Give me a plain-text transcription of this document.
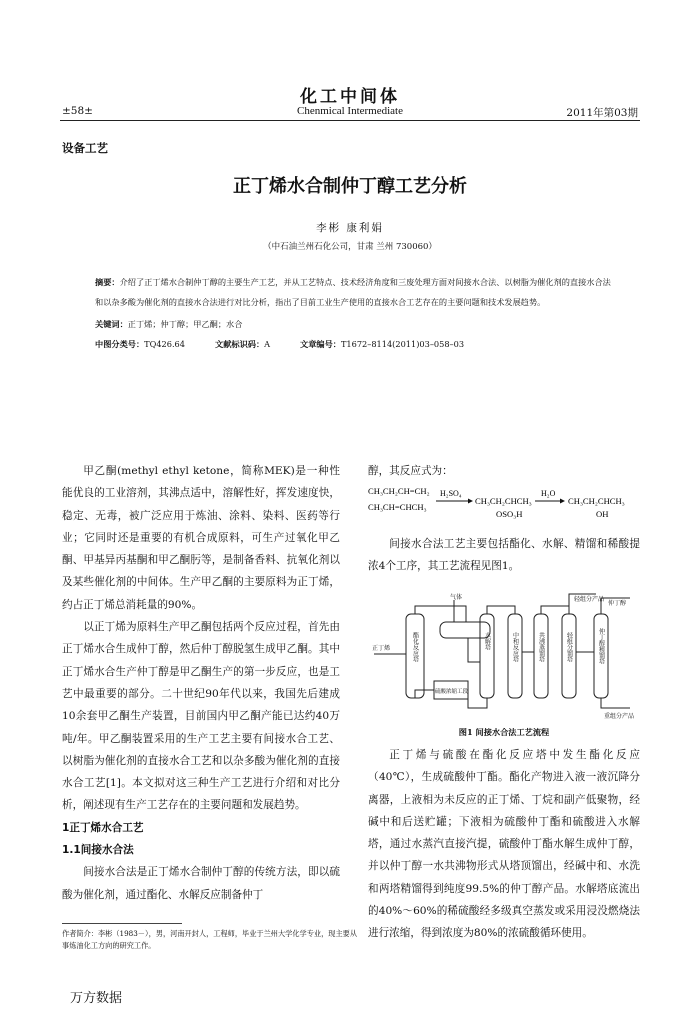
化工中间体
±58±	Chenmical Intermediate	2011年第03期
设备工艺
正丁烯水合制仲丁醇工艺分析
李彬 康利娟
（中石油兰州石化公司，甘肃 兰州 730060）
摘要：介绍了正丁烯水合制仲丁醇的主要生产工艺，并从工艺特点、技术经济角度和三废处理方面对间接水合法、以树脂为催化剂的直接水合法和以杂多酸为催化剂的直接水合法进行对比分析，指出了目前工业生产使用的直接水合工艺存在的主要问题和技术发展趋势。
关键词：正丁烯；仲丁醇；甲乙酮；水合
中图分类号：TQ426.64	文献标识码：A	文章编号：T1672–8114(2011)03–058–03

甲乙酮(methyl ethyl ketone，简称MEK)是一种性能优良的工业溶剂，其沸点适中，溶解性好，挥发速度快，稳定、无毒，被广泛应用于炼油、涂料、染料、医药等行业；它同时还是重要的有机合成原料，可生产过氧化甲乙酮、甲基异丙基酮和甲乙酮肟等，是制备香料、抗氧化剂以及某些催化剂的中间体。生产甲乙酮的主要原料为正丁烯，约占正丁烯总消耗量的90%。

以正丁烯为原料生产甲乙酮包括两个反应过程，首先由正丁烯水合生成仲丁醇，然后仲丁醇脱氢生成甲乙酮。其中正丁烯水合生产仲丁醇是甲乙酮生产的第一步反应，也是工艺中最重要的部分。二十世纪90年代以来，我国先后建成10余套甲乙酮生产装置，目前国内甲乙酮产能已达约40万吨/年。甲乙酮装置采用的生产工艺主要有间接水合工艺、以树脂为催化剂的直接水合工艺和以杂多酸为催化剂的直接水合工艺[1]。本文拟对这三种生产工艺进行介绍和对比分析，阐述现有生产工艺存在的主要问题和发展趋势。

1正丁烯水合工艺

1.1间接水合法

间接水合法是正丁烯水合制仲丁醇的传统方法，即以硫酸为催化剂，通过酯化、水解反应制备仲丁

醇，其反应式为：

CH₃CH₂CH=CH₂
CH₃CH=CHCH₃
H₂SO₄
CH₃CH₂CHCH₃
OSO₃H
H₂O
CH₃CH₂CHCH₃
OH

间接水合法工艺主要包括酯化、水解、精馏和稀酸提浓4个工序，其工艺流程见图1。

气体	轻组分产品
仲丁醇
正丁烯
硫酸浓缩工段
重组分产品
酯化反应塔	水解塔	中和反应塔	共沸蒸馏塔	轻组分馏塔	仲丁醇精馏塔
图1 间接水合法工艺流程

正丁烯与硫酸在酯化反应塔中发生酯化反应（40℃），生成硫酸仲丁酯。酯化产物进入液一液沉降分离器，上液相为未反应的正丁烯、丁烷和副产低聚物，经碱中和后送贮罐；下液相为硫酸仲丁酯和硫酸进入水解塔，通过水蒸汽直接汽提，硫酸仲丁酯水解生成仲丁醇，并以仲丁醇一水共沸物形式从塔顶馏出，经碱中和、水洗和两塔精馏得到纯度99.5%的仲丁醇产品。水解塔底流出的40%～60%的稀硫酸经多级真空蒸发或采用浸没燃烧法进行浓缩，得到浓度为80%的浓硫酸循环使用。

作者简介：李彬（1983－），男，河南开封人，工程师，毕业于兰州大学化学专业，现主要从事炼油化工方向的研究工作。
万方数据
